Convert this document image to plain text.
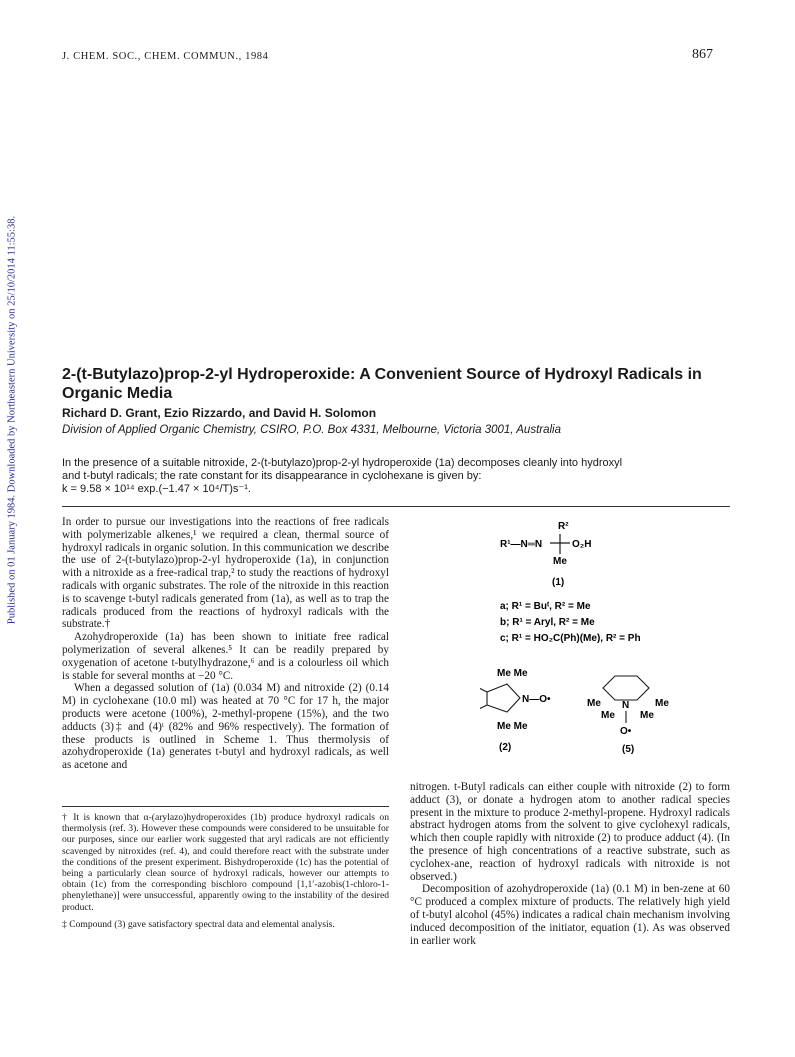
J. CHEM. SOC., CHEM. COMMUN., 1984	867
Published on 01 January 1984. Downloaded by Northeastern University on 25/10/2014 11:55:38.	2-(t-Butylazo)prop-2-yl Hydroperoxide: A Convenient Source of Hydroxyl Radicals in Organic Media
Richard D. Grant, Ezio Rizzardo, and David H. Solomon
Division of Applied Organic Chemistry, CSIRO, P.O. Box 4331, Melbourne, Victoria 3001, Australia
In the presence of a suitable nitroxide, 2-(t-butylazo)prop-2-yl hydroperoxide (1a) decomposes cleanly into hydroxyl
and t-butyl radicals; the rate constant for its disappearance in cyclohexane is given by:
k = 9.58 × 10¹⁴ exp.(−1.47 × 10⁴/T)s⁻¹.

In order to pursue our investigations into the reactions of free radicals with polymerizable alkenes,¹ we required a clean, thermal source of hydroxyl radicals in organic solution. In this communication we describe the use of 2-(t-butylazo)prop-2-yl hydroperoxide (1a), in conjunction with a nitroxide as a free-radical trap,² to study the reactions of hydroxyl radicals with organic substrates. The role of the nitroxide in this reaction is to scavenge t-butyl radicals generated from (1a), as well as to trap the radicals produced from the reactions of hydroxyl radicals with the substrate.†

Azohydroperoxide (1a) has been shown to initiate free radical polymerization of several alkenes.⁵ It can be readily prepared by oxygenation of acetone t-butylhydrazone,⁶ and is a colourless oil which is stable for several months at −20 °C.

When a degassed solution of (1a) (0.034 M) and nitroxide (2) (0.14 M) in cyclohexane (10.0 ml) was heated at 70 °C for 17 h, the major products were acetone (100%), 2-methyl-propene (15%), and the two adducts (3)‡ and (4)ᵗ (82% and 96% respectively). The formation of these products is outlined in Scheme 1. Thus thermolysis of azohydroperoxide (1a) generates t-butyl and hydroxyl radicals, as well as acetone and

† It is known that α-(arylazo)hydroperoxides (1b) produce hydroxyl radicals on thermolysis (ref. 3). However these compounds were considered to be unsuitable for our purposes, since our earlier work suggested that aryl radicals are not efficiently scavenged by nitroxides (ref. 4), and could therefore react with the substrate under the conditions of the present experiment. Bishydroperoxide (1c) has the potential of being a particularly clean source of hydroxyl radicals, however our attempts to obtain (1c) from the corresponding bischloro compound [1,1′-azobis(1-chloro-1-phenylethane)] were unsuccessful, apparently owing to the instability of the desired product.

‡ Compound (3) gave satisfactory spectral data and elemental analysis.

nitrogen. t-Butyl radicals can either couple with nitroxide (2) to form adduct (3), or donate a hydrogen atom to another radical species present in the mixture to produce 2-methyl-propene. Hydroxyl radicals abstract hydrogen atoms from the solvent to give cyclohexyl radicals, which then couple rapidly with nitroxide (2) to produce adduct (4). (In the presence of high concentrations of a reactive substrate, such as cyclohex-ane, reaction of hydroxyl radicals with nitroxide is not observed.)

Decomposition of azohydroperoxide (1a) (0.1 M) in ben-zene at 60 °C produced a complex mixture of products. The relatively high yield of t-butyl alcohol (45%) indicates a radical chain mechanism involving induced decomposition of the initiator, equation (1). As was observed in earlier work

R²
R¹—N═N	O₂H
Me
(1)
a; R¹ = Buᵗ, R² = Me
b; R¹ = Aryl, R² = Me
c; R¹ = HO₂C(Ph)(Me), R² = Ph
Me Me
N—O•
Me Me
(2)
N
Me
Me	Me
Me
O•
(5)
